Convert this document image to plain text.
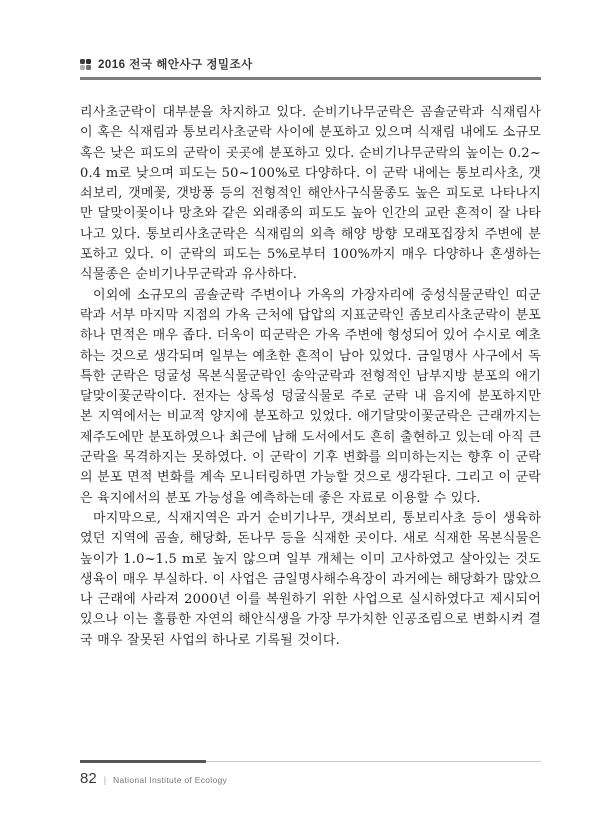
2016 전국 해안사구 정밀조사

리사초군락이 대부분을 차지하고 있다. 순비기나무군락은 곰솔군락과 식재림사이 혹은 식재림과 통보리사초군락 사이에 분포하고 있으며 식재림 내에도 소규모 혹은 낮은 피도의 군락이 곳곳에 분포하고 있다. 순비기나무군락의 높이는 0.2~0.4 m로 낮으며 피도는 50~100%로 다양하다. 이 군락 내에는 통보리사초, 갯쇠보리, 갯메꽃, 갯방풍 등의 전형적인 해안사구식물종도 높은 피도로 나타나지만 달맞이꽃이나 망초와 같은 외래종의 피도도 높아 인간의 교란 흔적이 잘 나타나고 있다. 통보리사초군락은 식재림의 외측 해양 방향 모래포집장치 주변에 분포하고 있다. 이 군락의 피도는 5%로부터 100%까지 매우 다양하나 혼생하는 식물종은 순비기나무군락과 유사하다.

이외에 소규모의 곰솔군락 주변이나 가옥의 가장자리에 중성식물군락인 띠군락과 서부 마지막 지점의 가옥 근처에 답압의 지표군락인 좀보리사초군락이 분포하나 면적은 매우 좁다. 더욱이 띠군락은 가옥 주변에 형성되어 있어 수시로 예초하는 것으로 생각되며 일부는 예초한 흔적이 남아 있었다. 금일명사 사구에서 독특한 군락은 덩굴성 목본식물군락인 송악군락과 전형적인 남부지방 분포의 애기달맞이꽃군락이다. 전자는 상록성 덩굴식물로 주로 군락 내 음지에 분포하지만 본 지역에서는 비교적 양지에 분포하고 있었다. 애기달맞이꽃군락은 근래까지는 제주도에만 분포하였으나 최근에 남해 도서에서도 흔히 출현하고 있는데 아직 큰 군락을 목격하지는 못하였다. 이 군락이 기후 변화를 의미하는지는 향후 이 군락의 분포 면적 변화를 계속 모니터링하면 가능할 것으로 생각된다. 그리고 이 군락은 육지에서의 분포 가능성을 예측하는데 좋은 자료로 이용할 수 있다.

마지막으로, 식재지역은 과거 순비기나무, 갯쇠보리, 통보리사초 등이 생육하였던 지역에 곰솔, 해당화, 돈나무 등을 식재한 곳이다. 새로 식재한 목본식물은 높이가 1.0~1.5 m로 높지 않으며 일부 개체는 이미 고사하였고 살아있는 것도 생육이 매우 부실하다. 이 사업은 금일명사해수욕장이 과거에는 해당화가 많았으나 근래에 사라져 2000년 이를 복원하기 위한 사업으로 실시하였다고 제시되어 있으나 이는 훌륭한 자연의 해안식생을 가장 무가치한 인공조림으로 변화시켜 결국 매우 잘못된 사업의 하나로 기록될 것이다.

82 | National Institute of Ecology
